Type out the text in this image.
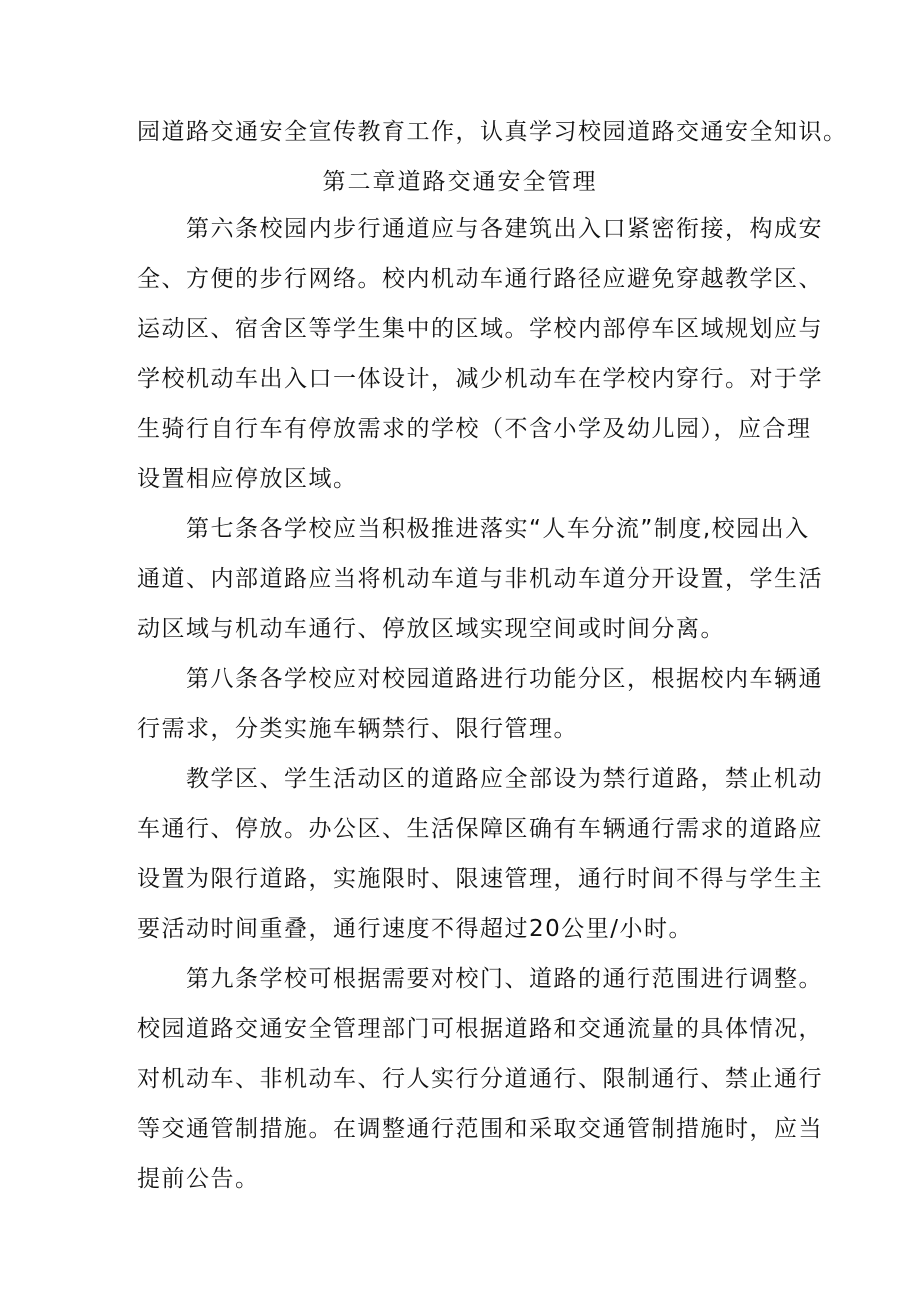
园道路交通安全宣传教育工作，认真学习校园道路交通安全知识。
第二章道路交通安全管理
第六条校园内步行通道应与各建筑出入口紧密衔接，构成安
全、方便的步行网络。校内机动车通行路径应避免穿越教学区、
运动区、宿舍区等学生集中的区域。学校内部停车区域规划应与
学校机动车出入口一体设计，减少机动车在学校内穿行。对于学
生骑行自行车有停放需求的学校（不含小学及幼儿园），应合理
设置相应停放区域。
第七条各学校应当积极推进落实“人车分流”制度,校园出入
通道、内部道路应当将机动车道与非机动车道分开设置，学生活
动区域与机动车通行、停放区域实现空间或时间分离。
第八条各学校应对校园道路进行功能分区，根据校内车辆通
行需求，分类实施车辆禁行、限行管理。
教学区、学生活动区的道路应全部设为禁行道路，禁止机动
车通行、停放。办公区、生活保障区确有车辆通行需求的道路应
设置为限行道路，实施限时、限速管理，通行时间不得与学生主
要活动时间重叠，通行速度不得超过20公里/小时。
第九条学校可根据需要对校门、道路的通行范围进行调整。
校园道路交通安全管理部门可根据道路和交通流量的具体情况，
对机动车、非机动车、行人实行分道通行、限制通行、禁止通行
等交通管制措施。在调整通行范围和采取交通管制措施时，应当
提前公告。
